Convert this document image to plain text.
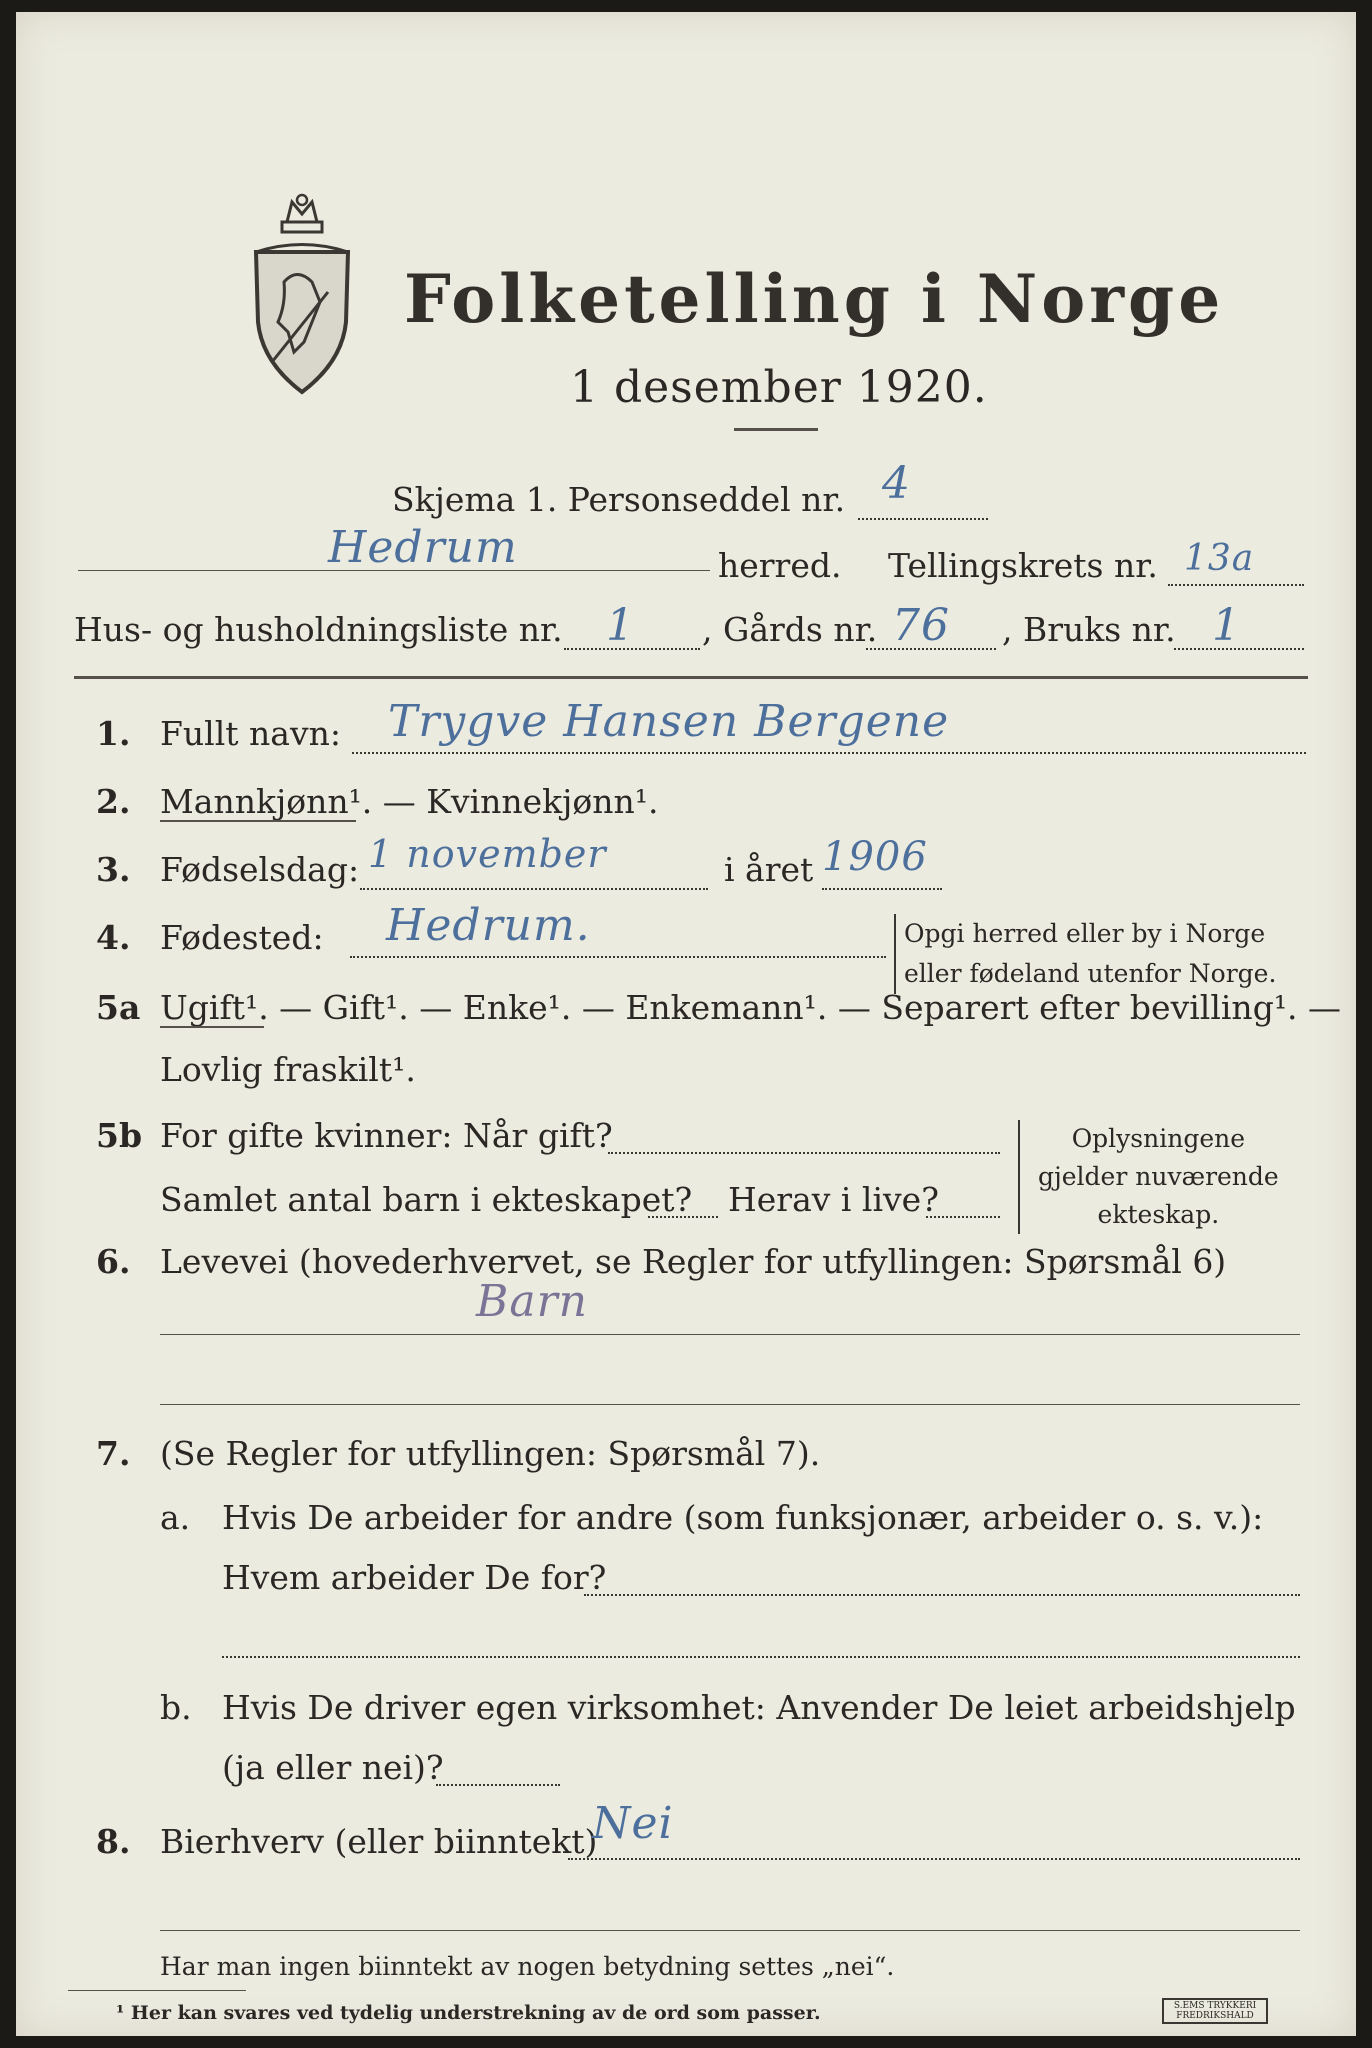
Folketelling i Norge
1 desember 1920.
Skjema 1. Personseddel nr. 4
Hedrum	herred. Tellingskrets nr. 13a
Hus- og husholdningsliste nr. 1 , Gårds nr. 76 , Bruks nr. 1
1. Fullt navn: Trygve Hansen Bergene
2. Mannkjønn¹. — Kvinnekjønn¹.
3. Fødselsdag: 1 november	i året 1906
4. Fødested: Hedrum.	Opgi herred eller by i Norge
eller fødeland utenfor Norge.
5a Ugift¹. — Gift¹. — Enke¹. — Enkemann¹. — Separert efter bevilling¹. —
Lovlig fraskilt¹.
5b For gifte kvinner: Når gift?
Samlet antal barn i ekteskapet? Herav i live?
Oplysningene
gjelder nuværende
ekteskap.
6. Levevei (hovederhvervet, se Regler for utfyllingen: Spørsmål 6)
Barn
7. (Se Regler for utfyllingen: Spørsmål 7).
a. Hvis De arbeider for andre (som funksjonær, arbeider o. s. v.):
Hvem arbeider De for?
b. Hvis De driver egen virksomhet: Anvender De leiet arbeidshjelp
(ja eller nei)?
8. Bierhverv (eller biinntekt)
Nei
Har man ingen biinntekt av nogen betydning settes „nei“.
¹ Her kan svares ved tydelig understrekning av de ord som passer.	S.EMS TRYKKERI FREDRIKSHALD
